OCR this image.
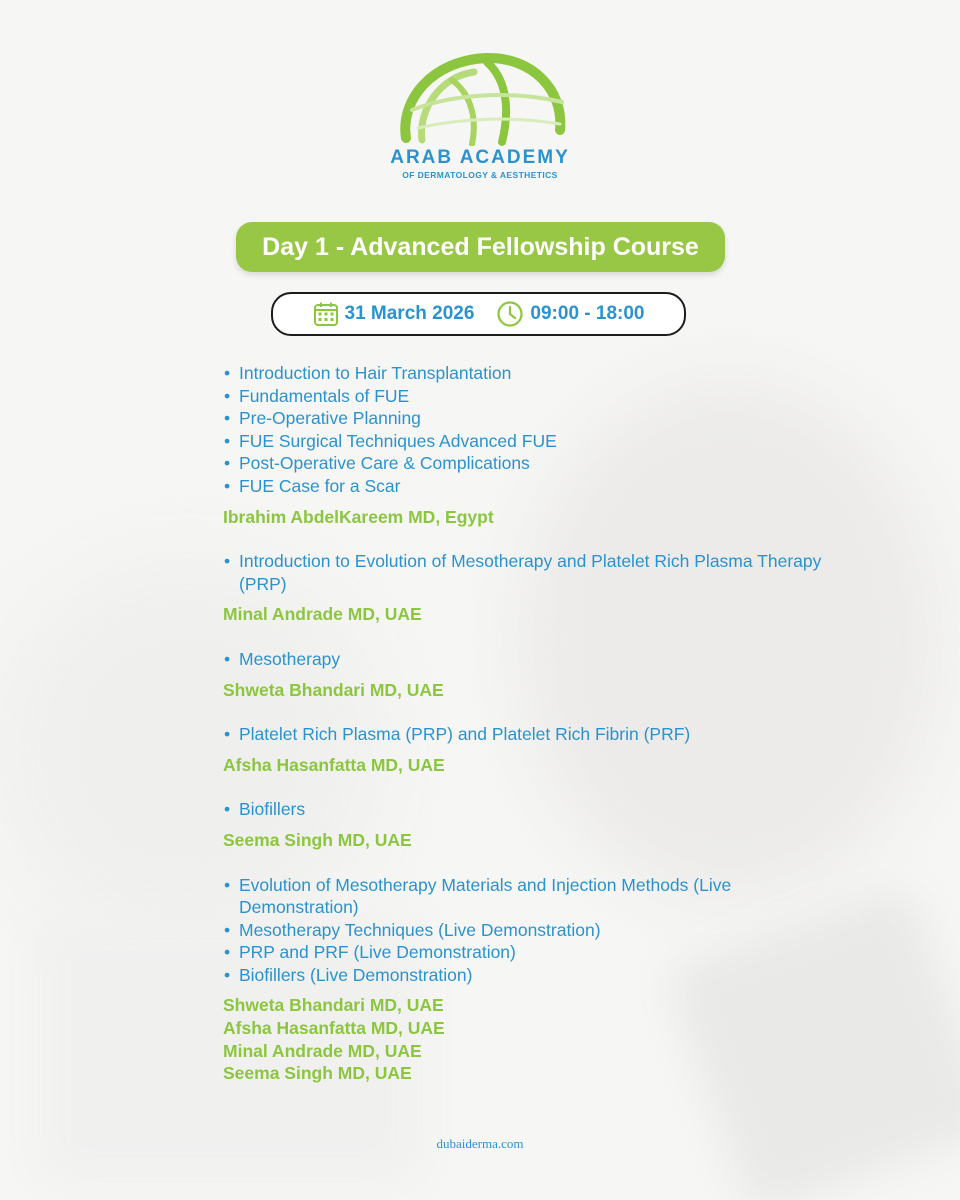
ARAB ACADEMY
OF DERMATOLOGY & AESTHETICS
Day 1 - Advanced Fellowship Course
31 March 2026	09:00 - 18:00
• Introduction to Hair Transplantation
• Fundamentals of FUE
• Pre-Operative Planning
• FUE Surgical Techniques Advanced FUE
• Post-Operative Care & Complications
• FUE Case for a Scar
Ibrahim AbdelKareem MD, Egypt
• Introduction to Evolution of Mesotherapy and Platelet Rich Plasma Therapy (PRP)
Minal Andrade MD, UAE
• Mesotherapy
Shweta Bhandari MD, UAE
• Platelet Rich Plasma (PRP) and Platelet Rich Fibrin (PRF)
Afsha Hasanfatta MD, UAE
• Biofillers
Seema Singh MD, UAE
• Evolution of Mesotherapy Materials and Injection Methods (Live Demonstration)
• Mesotherapy Techniques (Live Demonstration)
• PRP and PRF (Live Demonstration)
• Biofillers (Live Demonstration)
Shweta Bhandari MD, UAE
Afsha Hasanfatta MD, UAE
Minal Andrade MD, UAE
Seema Singh MD, UAE
dubaiderma.com
